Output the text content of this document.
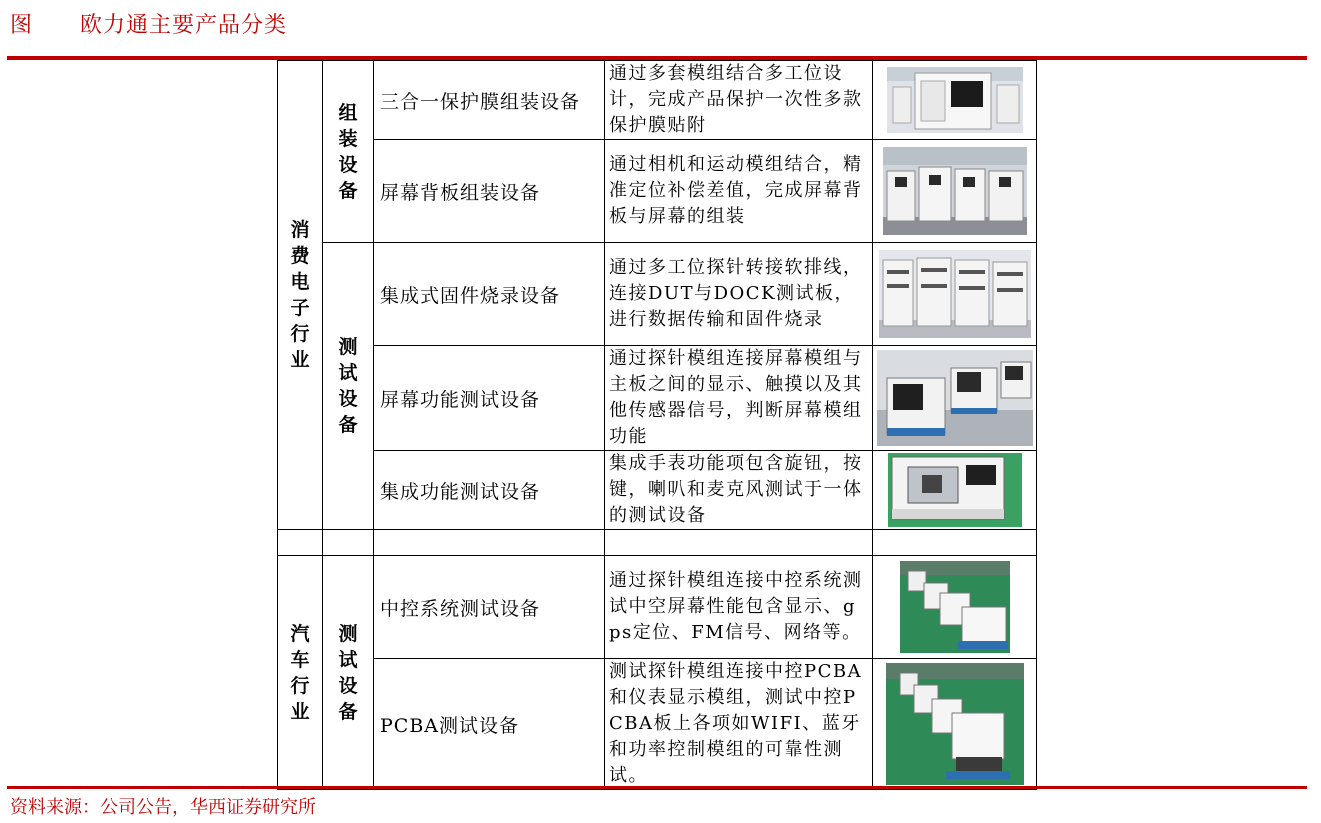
图 欧力通主要产品分类
消费电子行业	组装设备	三合一保护膜组装设备	通过多套模组结合多工位设计，完成产品保护一次性多款保护膜贴附

		屏幕背板组装设备	通过相机和运动模组结合，精准定位补偿差值，完成屏幕背板与屏幕的组装

	测试设备	集成式固件烧录设备	通过多工位探针转接软排线，连接DUT与DOCK测试板，进行数据传输和固件烧录

		屏幕功能测试设备	通过探针模组连接屏幕模组与主板之间的显示、触摸以及其他传感器信号，判断屏幕模组功能

		集成功能测试设备	集成手表功能项包含旋钮，按键，喇叭和麦克风测试于一体的测试设备

汽车行业	测试设备	中控系统测试设备	通过探针模组连接中控系统测试中空屏幕性能包含显示、gps定位、FM信号、网络等。

		PCBA测试设备	测试探针模组连接中控PCBA和仪表显示模组，测试中控PCBA板上各项如WIFI、蓝牙和功率控制模组的可靠性测试。

资料来源：公司公告，华西证券研究所
